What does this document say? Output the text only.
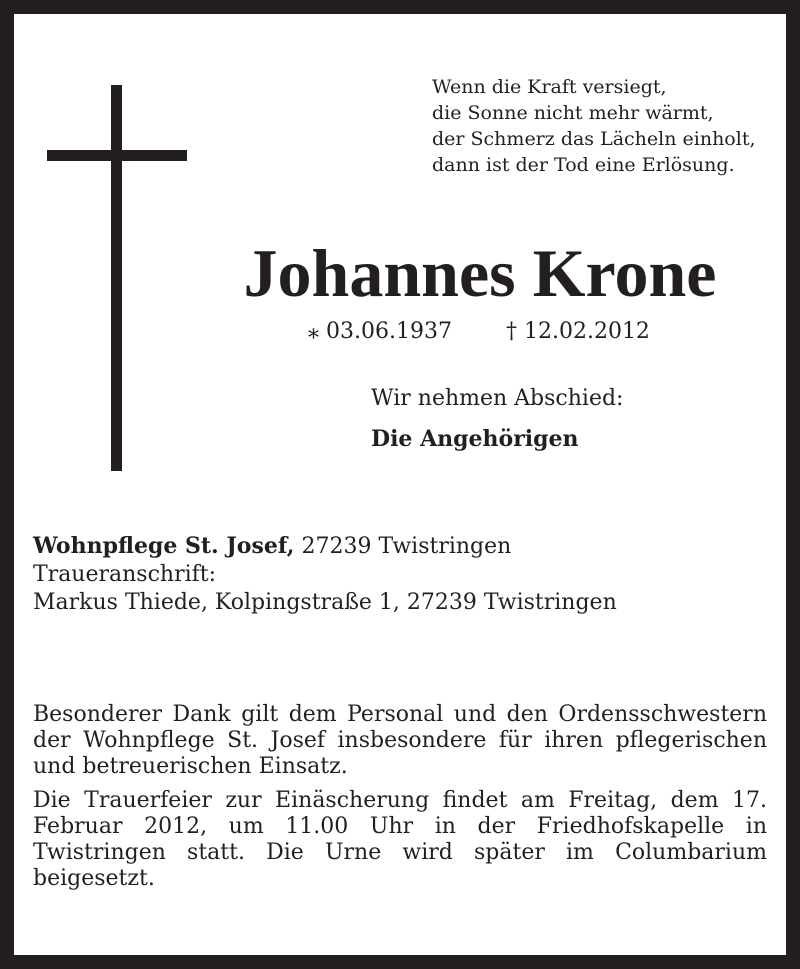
Wenn die Kraft versiegt,
die Sonne nicht mehr wärmt,
der Schmerz das Lächeln einholt,
dann ist der Tod eine Erlösung.
Johannes Krone
⁎ 03.06.1937 † 12.02.2012
Wir nehmen Abschied:
Die Angehörigen
Wohnpflege St. Josef, 27239 Twistringen
Traueranschrift:
Markus Thiede, Kolpingstraße 1, 27239 Twistringen

Besonderer Dank gilt dem Personal und den Ordensschwestern der Wohnpflege St. Josef insbesondere für ihren pflegerischen und betreuerischen Einsatz.

Die Trauerfeier zur Einäscherung findet am Freitag, dem 17. Februar 2012, um 11.00 Uhr in der Friedhofskapelle in Twistringen statt. Die Urne wird später im Columbarium beigesetzt.
